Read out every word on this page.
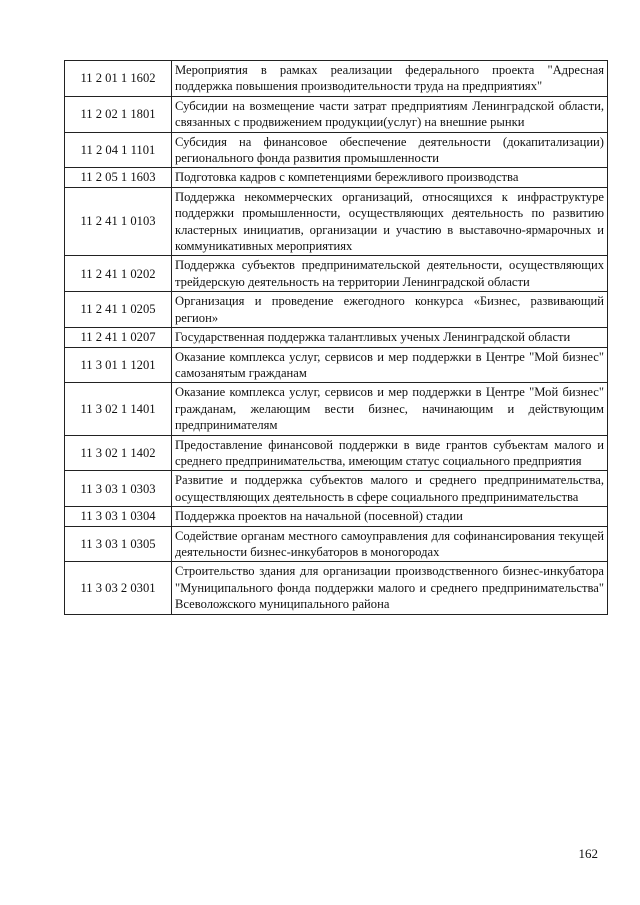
11 2 01 1 1602	Мероприятия в рамках реализации федерального проекта "Адресная поддержка повышения производительности труда на предприятиях"
11 2 02 1 1801	Субсидии на возмещение части затрат предприятиям Ленинградской области, связанных с продвижением продукции(услуг) на внешние рынки
11 2 04 1 1101	Субсидия на финансовое обеспечение деятельности (докапитализации) регионального фонда развития промышленности
11 2 05 1 1603	Подготовка кадров с компетенциями бережливого производства
11 2 41 1 0103	Поддержка некоммерческих организаций, относящихся к инфраструктуре поддержки промышленности, осуществляющих деятельность по развитию кластерных инициатив, организации и участию в выставочно-ярмарочных и коммуникативных мероприятиях
11 2 41 1 0202	Поддержка субъектов предпринимательской деятельности, осуществляющих трейдерскую деятельность на территории Ленинградской области
11 2 41 1 0205	Организация и проведение ежегодного конкурса «Бизнес, развивающий регион»
11 2 41 1 0207	Государственная поддержка талантливых ученых Ленинградской области
11 3 01 1 1201	Оказание комплекса услуг, сервисов и мер поддержки в Центре "Мой бизнес" самозанятым гражданам
11 3 02 1 1401	Оказание комплекса услуг, сервисов и мер поддержки в Центре "Мой бизнес" гражданам, желающим вести бизнес, начинающим и действующим предпринимателям
11 3 02 1 1402	Предоставление финансовой поддержки в виде грантов субъектам малого и среднего предпринимательства, имеющим статус социального предприятия
11 3 03 1 0303	Развитие и поддержка субъектов малого и среднего предпринимательства, осуществляющих деятельность в сфере социального предпринимательства
11 3 03 1 0304	Поддержка проектов на начальной (посевной) стадии
11 3 03 1 0305	Содействие органам местного самоуправления для софинансирования текущей деятельности бизнес-инкубаторов в моногородах
11 3 03 2 0301	Строительство здания для организации производственного бизнес-инкубатора "Муниципального фонда поддержки малого и среднего предпринимательства" Всеволожского муниципального района
162
